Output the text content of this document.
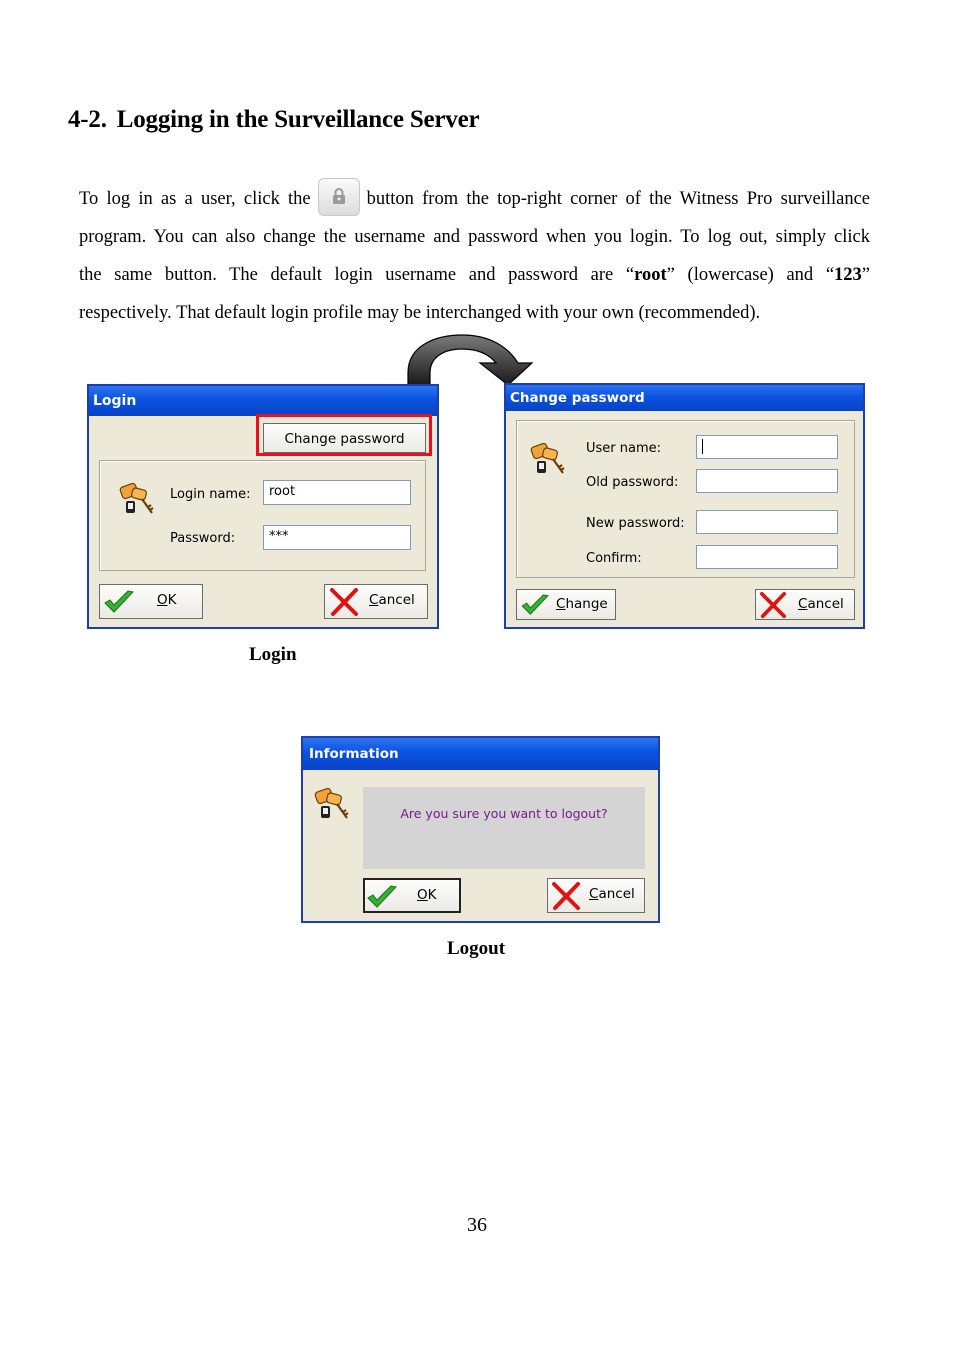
4-2. Logging in the Surveillance Server

To log in as a user, click the	button from the top-right corner of the Witness Pro surveillance

program. You can also change the username and password when you login. To log out, simply click

the same button. The default login username and password are “root” (lowercase) and “123”

respectively. That default login profile may be interchanged with your own (recommended).

Login
Change password
Login name:	root
Password:	***
OK	Cancel
Change password
User name:
Old password:
New password:
Confirm:
Change	Cancel

Login

Information
Are you sure you want to logout?
OK	Cancel

Logout

36
